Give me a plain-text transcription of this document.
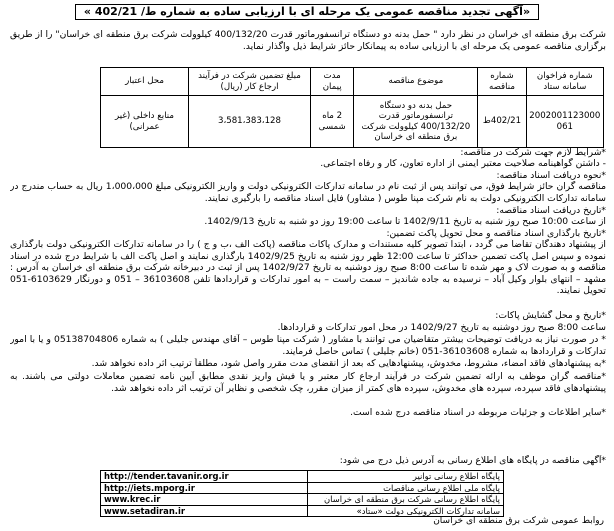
«آگهی تجدید مناقصه عمومی یک مرحله ای با ارزیابی ساده به شماره ط/ 402/21 »
شرکت برق منطقه ای خراسان در نظر دارد " حمل بدنه دو دستگاه ترانسفورماتور قدرت 400/132/20 کیلوولت شرکت برق منطقه ای خراسان" را از طریق برگزاری مناقصه عمومی یک مرحله ای با ارزیابی ساده به پیمانکار حائز شرایط ذیل واگذار نماید.
شماره فراخوان سامانه ستاد	شماره مناقصه	موضوع مناقصه	مدت پیمان	مبلغ تضمین شرکت در فرآیند ارجاع کار (ریال)	محل اعتبار
2002001123000061	402/21ط	حمل بدنه دو دستگاه ترانسفورماتور قدرت 400/132/20 کیلوولت شرکت برق منطقه ای خراسان	2 ماه شمسی	3،581،383،128	منابع داخلی (غیر عمرانی)
*شرایط لازم جهت شرکت در مناقصه:
- داشتن گواهینامه صلاحیت معتبر ایمنی از اداره تعاون، کار و رفاه اجتماعی.
*نحوه دریافت اسناد مناقصه:
مناقصه گران حائز شرایط فوق، می توانند پس از ثبت نام در سامانه تدارکات الکترونیکی دولت و واریز الکترونیکی مبلغ 1،000،000 ریال به حساب مندرج در سامانه تدارکات الکترونیکی دولت به نام شرکت مپنا طوس ( مشاور) فایل اسناد مناقصه را بارگیری نمایند.
*تاریخ دریافت اسناد مناقصه:
از ساعت 10:00 صبح روز شنبه به تاریخ 1402/9/11 تا ساعت 19:00 روز دو شنبه به تاریخ 1402/9/13.
*تاریخ بارگذاری اسناد مناقصه و محل تحویل پاکت تضمین:
از پیشنهاد دهندگان تقاضا می گردد ، ابتدا تصویر کلیه مستندات و مدارک پاکات مناقصه (پاکت الف ،ب و ج ) را در سامانه تدارکات الکترونیکی دولت بارگذاری نموده و سپس اصل پاکت تضمین حداکثر تا ساعت 12:00 ظهر روز شنبه به تاریخ 1402/9/25 بارگذاری نمایند و اصل پاکت الف با شرایط درج شده در اسناد مناقصه و به صورت لاک و مهر شده تا ساعت 8:00 صبح روز دوشنبه به تاریخ 1402/9/27 پس از ثبت در دبیرخانه شرکت برق منطقه ای خراسان به آدرس : مشهد – انتهای بلوار وکیل آباد – نرسیده به جاده شاندیز – سمت راست – به امور تدارکات و قراردادها تلفن 36103608 – 051 و دورنگار 6103629-051 تحویل نمایند.
*تاریخ و محل گشایش پاکات:
ساعت 8:00 صبح روز دوشنبه به تاریخ 1402/9/27 در محل امور تدارکات و قراردادها.
* در صورت نیاز به دریافت توضیحات بیشتر متقاضیان می توانند با مشاور ( شرکت مپنا طوس – آقای مهندس جلیلی ) به شماره 05138704806 و یا با امور تدارکات و قراردادها به شماره 36103608-051 (خانم جلیلی ) تماس حاصل فرمایند.
*به پیشنهادهای فاقد امضاء، مشروط، مخدوش، پیشنهادهایی که بعد از انقضای مدت مقرر واصل شود، مطلقاً ترتیب اثر داده نخواهد شد.
*مناقصه گران موظف به ارائه تضمین شرکت در فرآیند ارجاع کار معتبر و یا فیش واریز نقدی مطابق آیین نامه تضمین معاملات دولتی می باشند. به پیشنهادهای فاقد سپرده، سپرده های مخدوش، سپرده های کمتر از میزان مقرر، چک شخصی و نظایر آن ترتیب اثر داده نخواهد شد.
*سایر اطلاعات و جزئیات مربوطه در اسناد مناقصه درج شده است.
*آگهی مناقصه در پایگاه های اطلاع رسانی به آدرس ذیل درج می شود:
پایگاه اطلاع رسانی توانیر	http://tender.tavanir.org.ir
پایگاه ملی اطلاع رسانی مناقصات	http://iets.mporg.ir
پایگاه اطلاع رسانی شرکت برق منطقه ای خراسان	www.krec.ir
سامانه تدارکات الکترونیکی دولت «ستاد»	www.setadiran.ir
روابط عمومی شرکت برق منطقه ای خراسان
